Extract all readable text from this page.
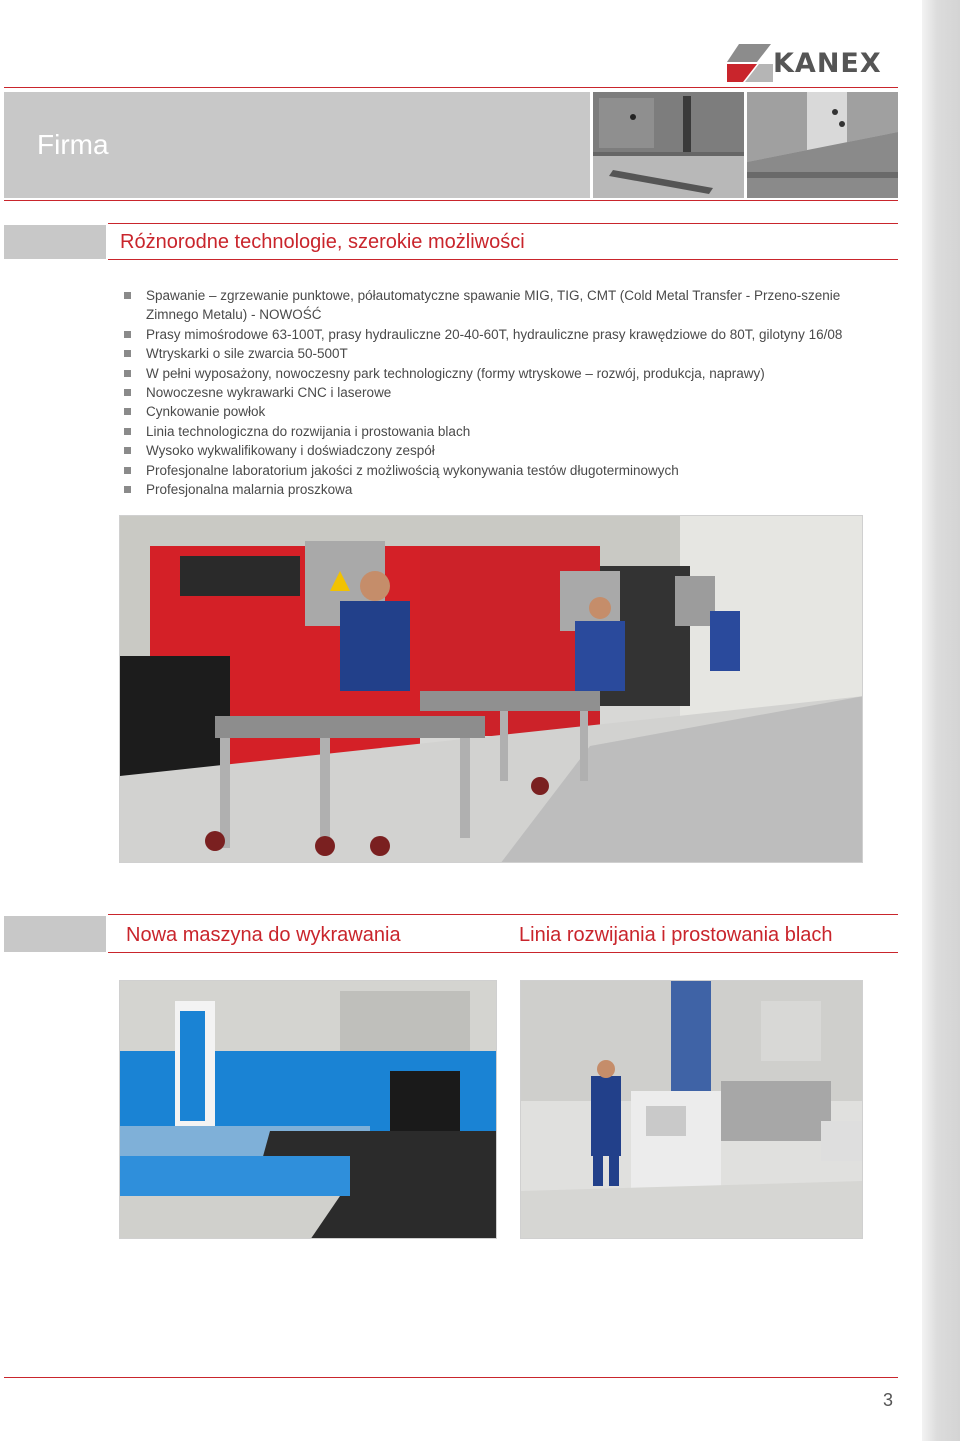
KANEX
Firma
Różnorodne technologie, szerokie możliwości
Spawanie – zgrzewanie punktowe, półautomatyczne spawanie MIG, TIG, CMT (Cold Metal Transfer - Przeno-szenie Zimnego Metalu) - NOWOŚĆ
Prasy mimośrodowe 63-100T, prasy hydrauliczne 20-40-60T, hydrauliczne prasy krawędziowe do 80T, gilotyny 16/08
Wtryskarki o sile zwarcia 50-500T
W pełni wyposażony, nowoczesny park technologiczny (formy wtryskowe – rozwój, produkcja, naprawy)
Nowoczesne wykrawarki CNC i laserowe
Cynkowanie powłok
Linia technologiczna do rozwijania i prostowania blach
Wysoko wykwalifikowany i doświadczony zespół
Profesjonalne laboratorium jakości z możliwością wykonywania testów długoterminowych
Profesjonalna malarnia proszkowa
Nowa maszyna do wykrawania	Linia rozwijania i prostowania blach
3
